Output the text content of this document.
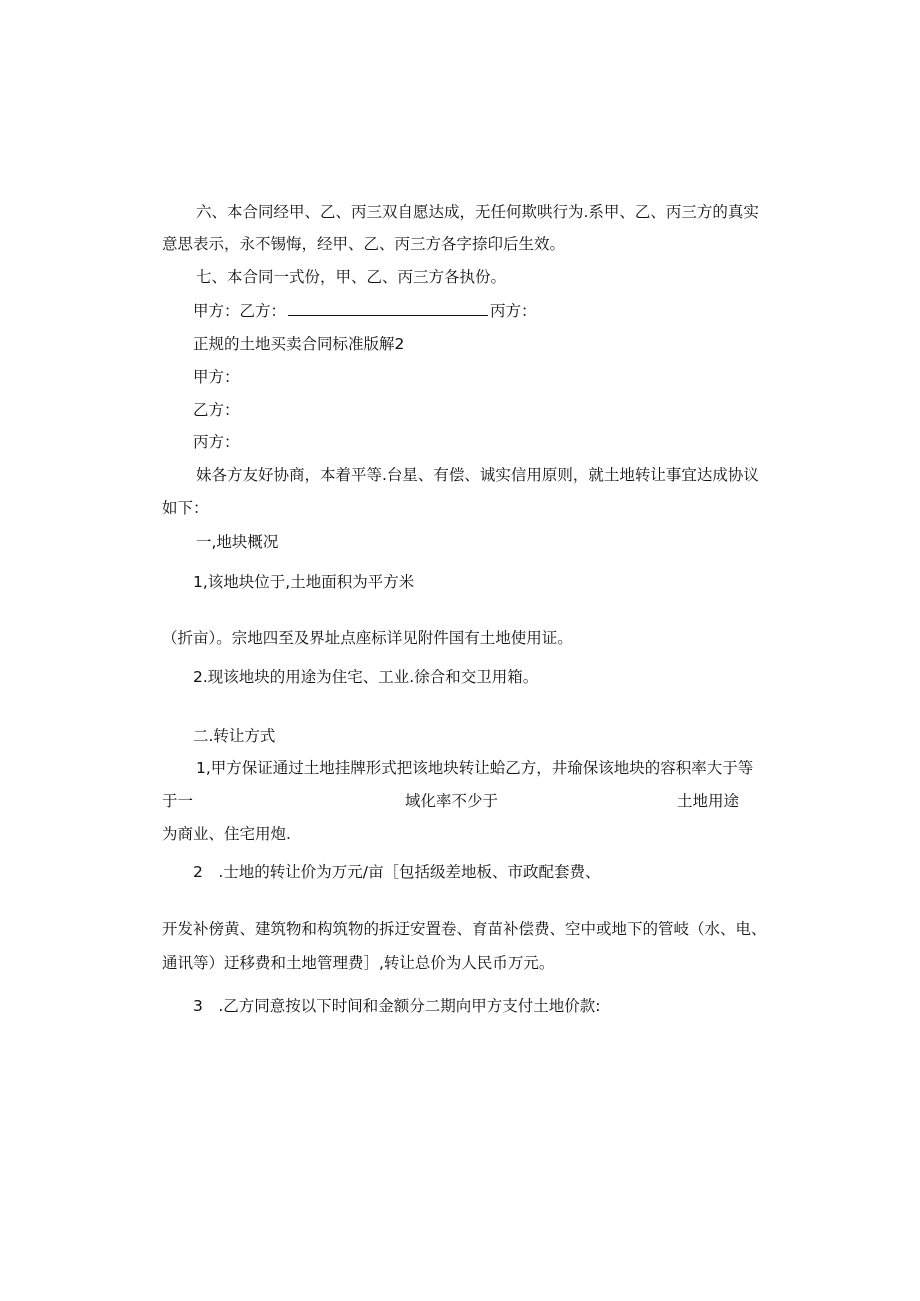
六、本合同经甲、乙、丙三双自愿达成，无任何欺哄行为.系甲、乙、丙三方的真实
意思表示，永不锡悔，经甲、乙、丙三方各字捺印后生效。
七、本合同一式份，甲、乙、丙三方各执份。
甲方：乙方：	丙方：
正规的土地买卖合同标准版解2
甲方：
乙方：
丙方：
妹各方友好协商，本着平等.台星、有偿、诚实信用原则，就土地转让事宜达成协议
如下：
一,地块概况
1,该地块位于,土地面积为平方米
（折亩）。宗地四至及界址点座标详见附件国有土地使用证。
2.现该地块的用途为住宅、工业.徐合和交卫用箱。
二.转让方式
1,甲方保证通过土地挂牌形式把该地块转让蛤乙方，井瑜保该地块的容积率大于等
于一	域化率不少于	土地用途
为商业、住宅用炮.
2　.士地的转让价为万元/亩［包括级差地板、市政配套费、
开发补傍黄、建筑物和构筑物的拆迂安置卷、育苗补偿费、空中或地下的管岐（水、电、
通讯等）迂移费和土地管理费］,转让总价为人民币万元。
3　.乙方同意按以下时间和金额分二期向甲方支付土地价款:
